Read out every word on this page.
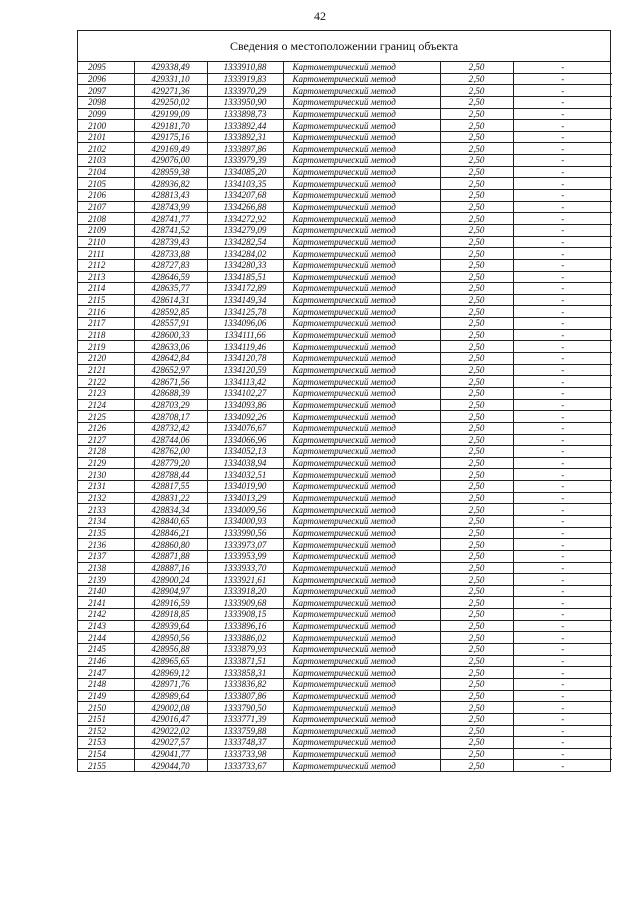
42
Сведения о местоположении границ объекта
2095	429338,49	1333910,88	Картометрический метод	2,50	-
2096	429331,10	1333919,83	Картометрический метод	2,50	-
2097	429271,36	1333970,29	Картометрический метод	2,50	-
2098	429250,02	1333950,90	Картометрический метод	2,50	-
2099	429199,09	1333898,73	Картометрический метод	2,50	-
2100	429181,70	1333892,44	Картометрический метод	2,50	-
2101	429175,16	1333892,31	Картометрический метод	2,50	-
2102	429169,49	1333897,86	Картометрический метод	2,50	-
2103	429076,00	1333979,39	Картометрический метод	2,50	-
2104	428959,38	1334085,20	Картометрический метод	2,50	-
2105	428936,82	1334103,35	Картометрический метод	2,50	-
2106	428813,43	1334207,68	Картометрический метод	2,50	-
2107	428743,99	1334266,88	Картометрический метод	2,50	-
2108	428741,77	1334272,92	Картометрический метод	2,50	-
2109	428741,52	1334279,09	Картометрический метод	2,50	-
2110	428739,43	1334282,54	Картометрический метод	2,50	-
2111	428733,88	1334284,02	Картометрический метод	2,50	-
2112	428727,83	1334280,33	Картометрический метод	2,50	-
2113	428646,59	1334185,51	Картометрический метод	2,50	-
2114	428635,77	1334172,89	Картометрический метод	2,50	-
2115	428614,31	1334149,34	Картометрический метод	2,50	-
2116	428592,85	1334125,78	Картометрический метод	2,50	-
2117	428557,91	1334096,06	Картометрический метод	2,50	-
2118	428600,33	1334111,66	Картометрический метод	2,50	-
2119	428633,06	1334119,46	Картометрический метод	2,50	-
2120	428642,84	1334120,78	Картометрический метод	2,50	-
2121	428652,97	1334120,59	Картометрический метод	2,50	-
2122	428671,56	1334113,42	Картометрический метод	2,50	-
2123	428688,39	1334102,27	Картометрический метод	2,50	-
2124	428703,29	1334093,86	Картометрический метод	2,50	-
2125	428708,17	1334092,26	Картометрический метод	2,50	-
2126	428732,42	1334076,67	Картометрический метод	2,50	-
2127	428744,06	1334066,96	Картометрический метод	2,50	-
2128	428762,00	1334052,13	Картометрический метод	2,50	-
2129	428779,20	1334038,94	Картометрический метод	2,50	-
2130	428788,44	1334032,51	Картометрический метод	2,50	-
2131	428817,55	1334019,90	Картометрический метод	2,50	-
2132	428831,22	1334013,29	Картометрический метод	2,50	-
2133	428834,34	1334009,56	Картометрический метод	2,50	-
2134	428840,65	1334000,93	Картометрический метод	2,50	-
2135	428846,21	1333990,56	Картометрический метод	2,50	-
2136	428860,80	1333973,07	Картометрический метод	2,50	-
2137	428871,88	1333953,99	Картометрический метод	2,50	-
2138	428887,16	1333933,70	Картометрический метод	2,50	-
2139	428900,24	1333921,61	Картометрический метод	2,50	-
2140	428904,97	1333918,20	Картометрический метод	2,50	-
2141	428916,59	1333909,68	Картометрический метод	2,50	-
2142	428918,85	1333908,15	Картометрический метод	2,50	-
2143	428939,64	1333896,16	Картометрический метод	2,50	-
2144	428950,56	1333886,02	Картометрический метод	2,50	-
2145	428956,88	1333879,93	Картометрический метод	2,50	-
2146	428965,65	1333871,51	Картометрический метод	2,50	-
2147	428969,12	1333858,31	Картометрический метод	2,50	-
2148	428971,76	1333836,82	Картометрический метод	2,50	-
2149	428989,64	1333807,86	Картометрический метод	2,50	-
2150	429002,08	1333790,50	Картометрический метод	2,50	-
2151	429016,47	1333771,39	Картометрический метод	2,50	-
2152	429022,02	1333759,88	Картометрический метод	2,50	-
2153	429027,57	1333748,37	Картометрический метод	2,50	-
2154	429041,77	1333733,98	Картометрический метод	2,50	-
2155	429044,70	1333733,67	Картометрический метод	2,50	-
